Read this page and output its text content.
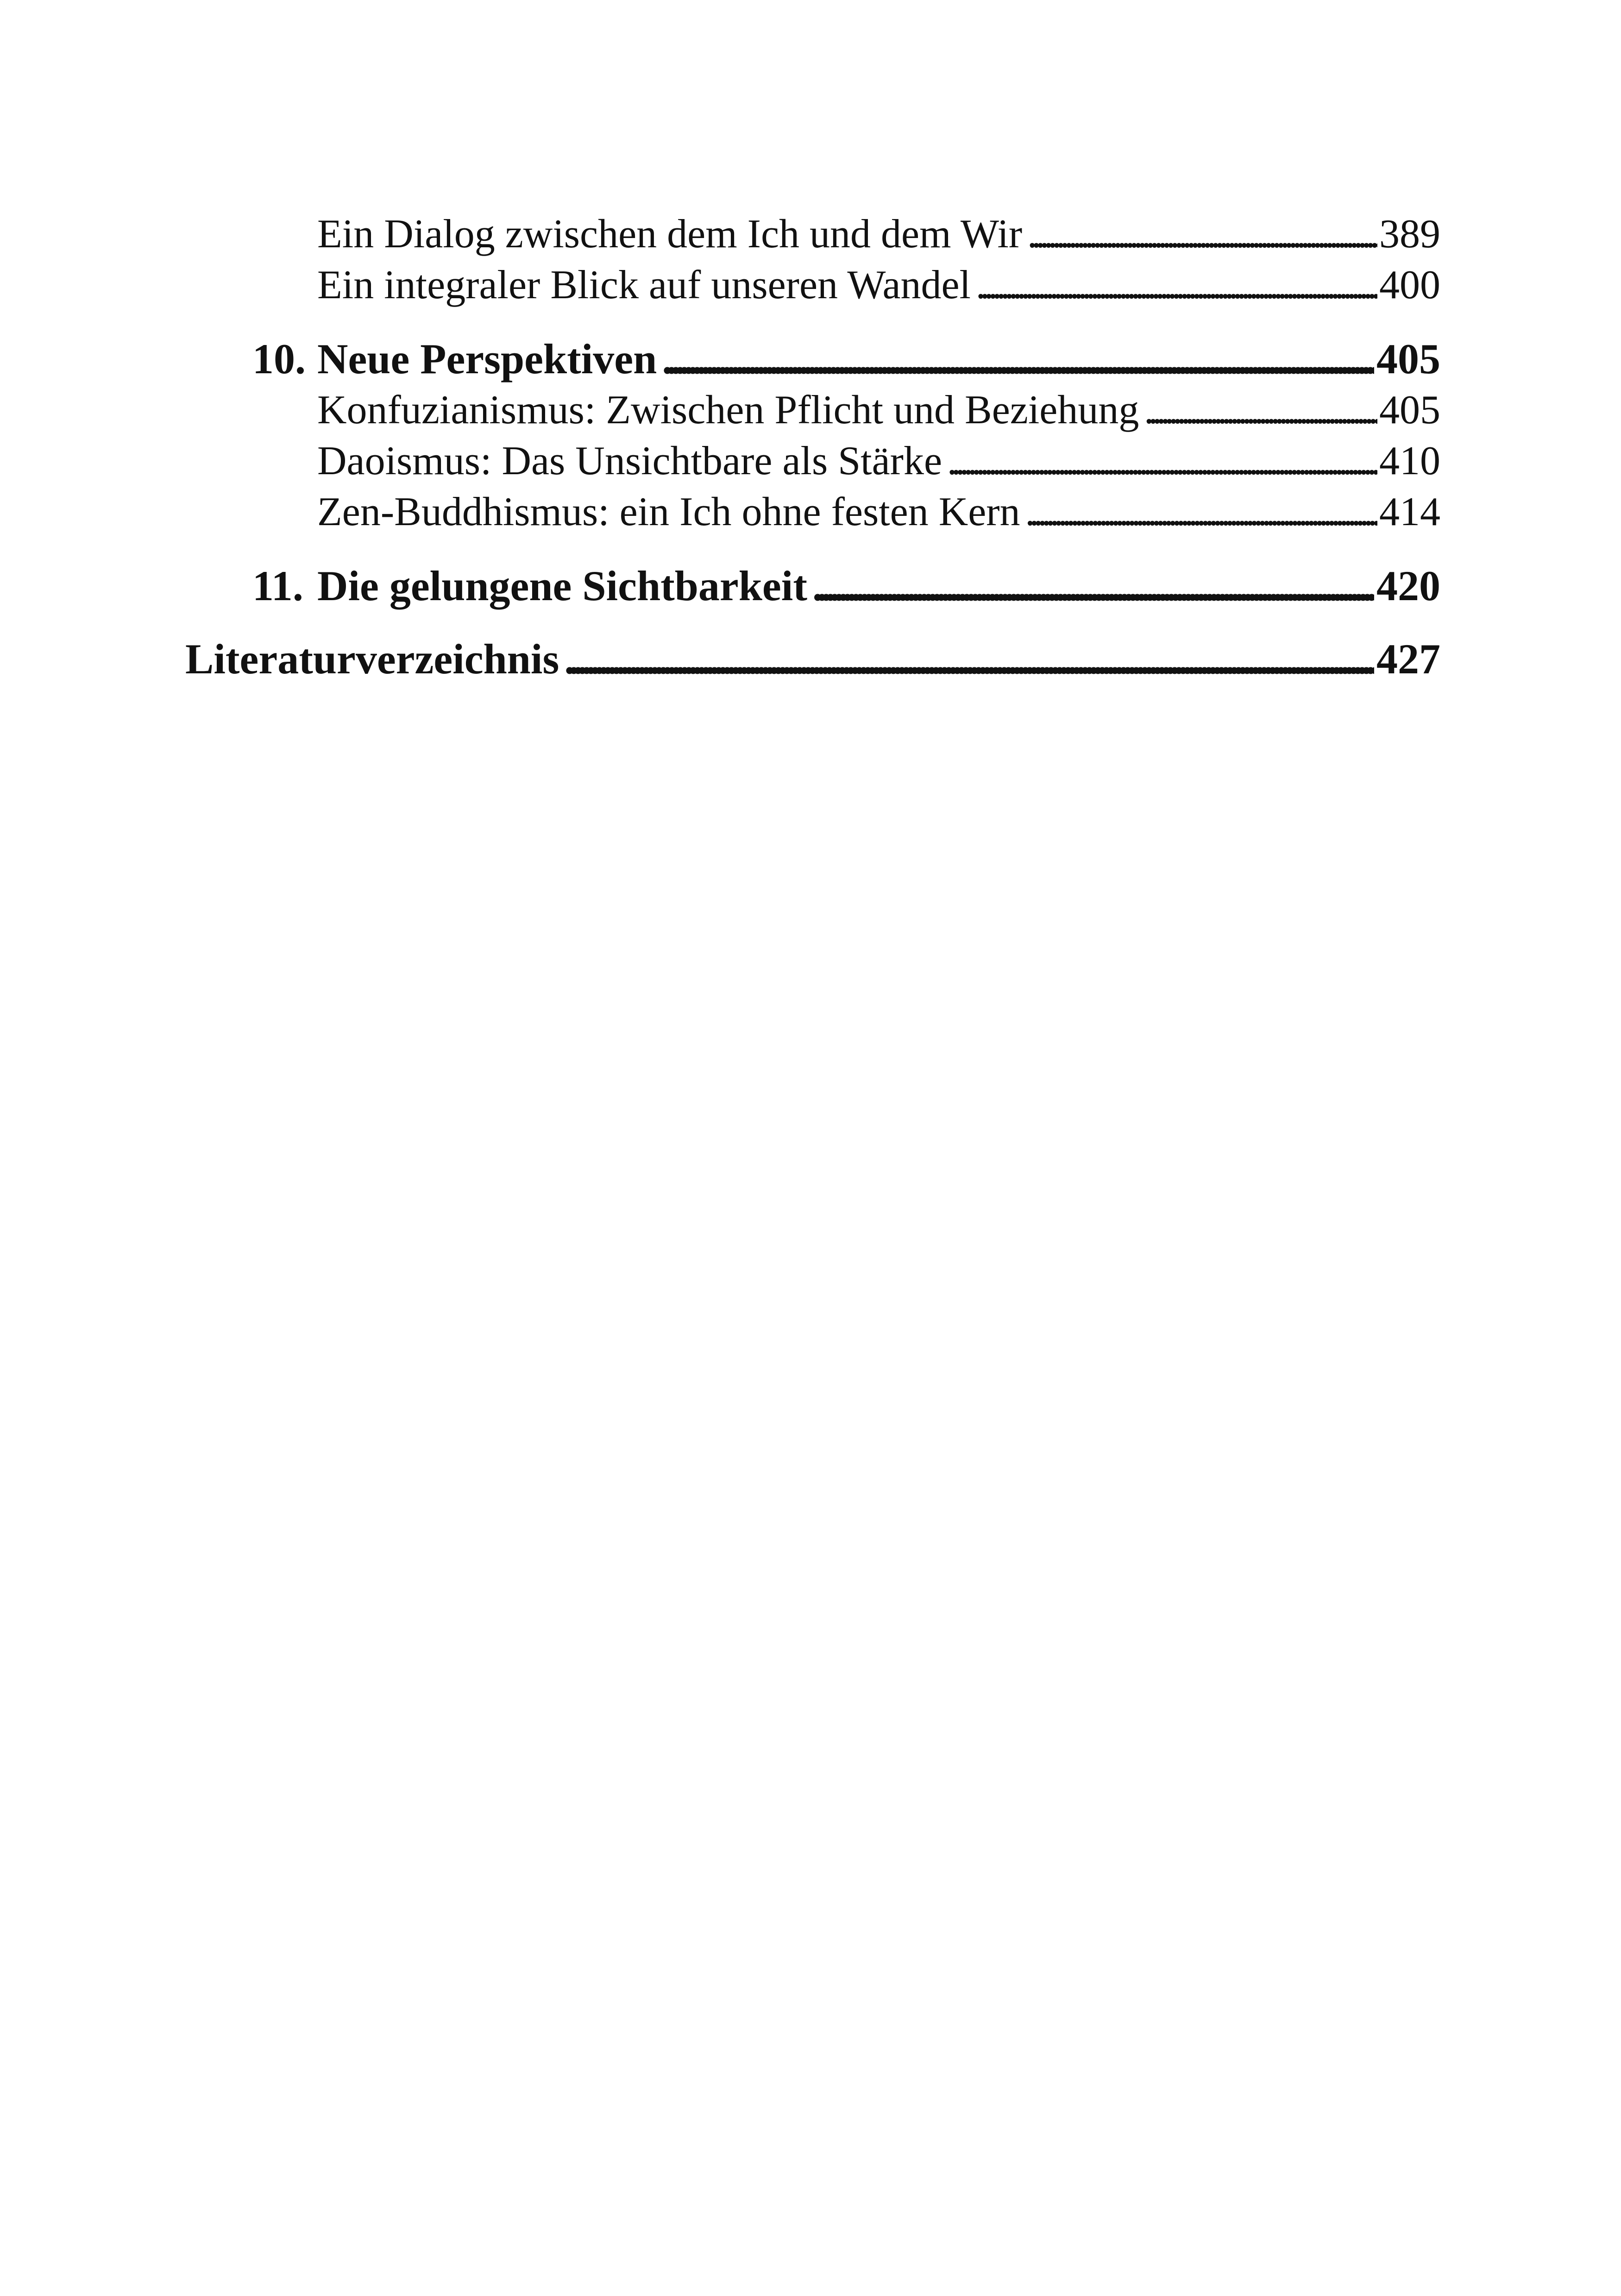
Ein Dialog zwischen dem Ich und dem Wir . . .	389
Ein integraler Blick auf unseren Wandel . . .	400
10. Neue Perspektiven . . .	405
Konfuzianismus: Zwischen Pflicht und Beziehung . . .	405
Daoismus: Das Unsichtbare als Stärke . . .	410
Zen-Buddhismus: ein Ich ohne festen Kern . . .	414
11. Die gelungene Sichtbarkeit . . .	420
Literaturverzeichnis . . .	427
